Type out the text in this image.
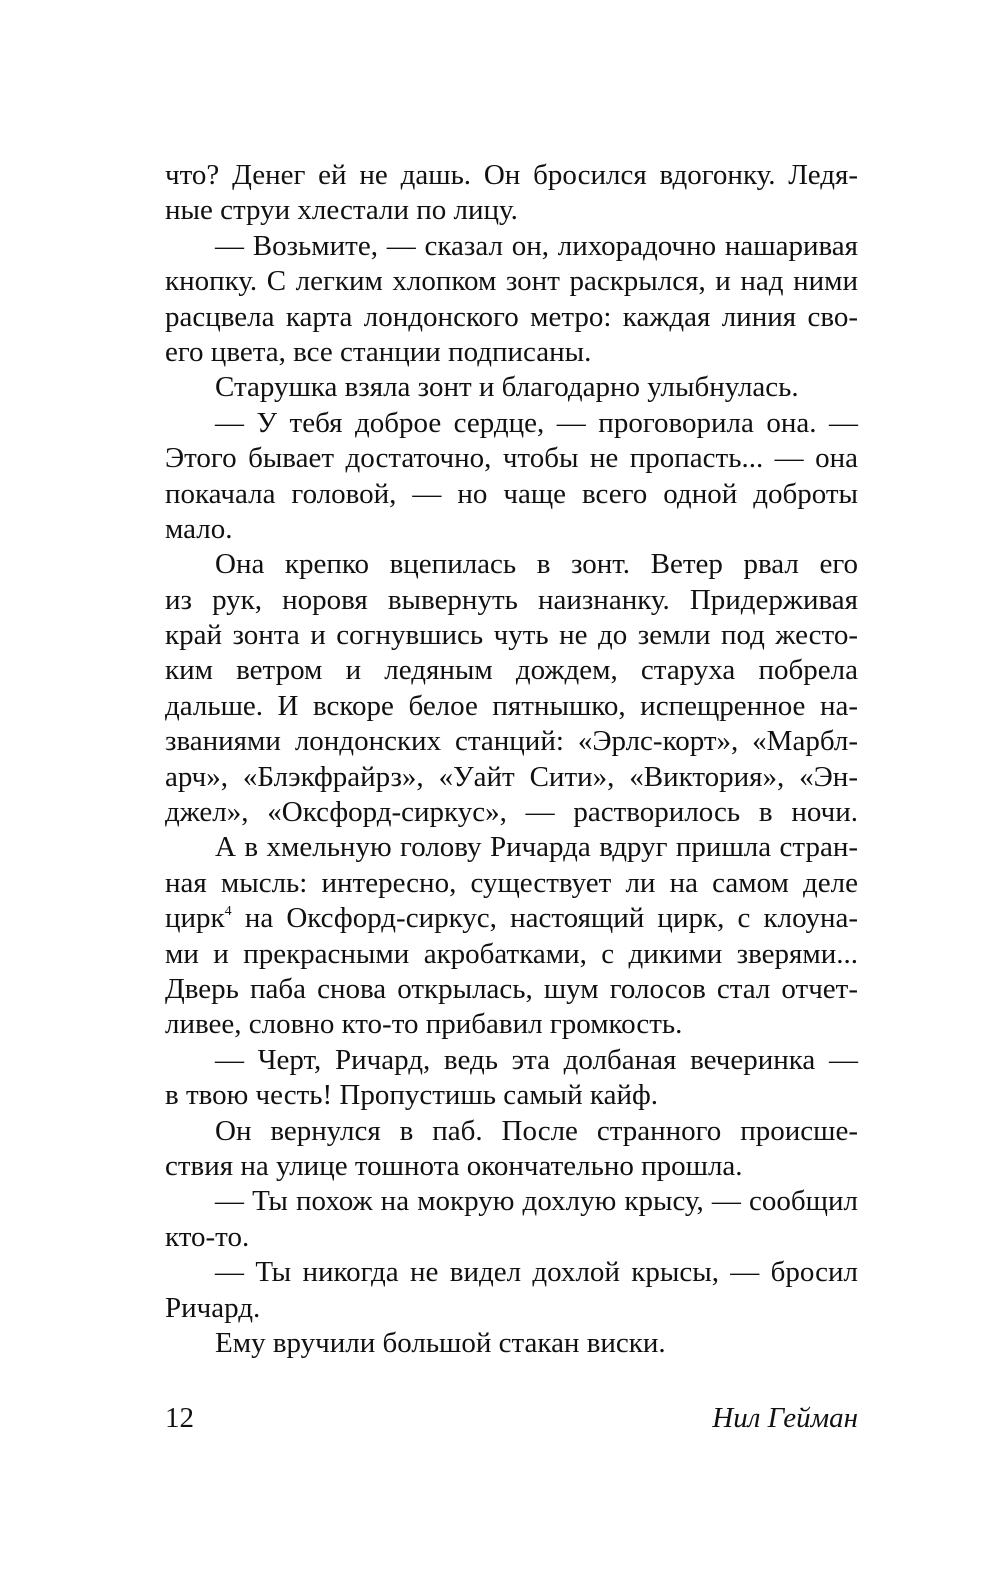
что? Денег ей не дашь. Он бросился вдогонку. Ледя-
ные струи хлестали по лицу.
— Возьмите, — сказал он, лихорадочно нашаривая
кнопку. С легким хлопком зонт раскрылся, и над ними
расцвела карта лондонского метро: каждая линия сво-
его цвета, все станции подписаны.
Старушка взяла зонт и благодарно улыбнулась.
— У тебя доброе сердце, — проговорила она. —
Этого бывает достаточно, чтобы не пропасть... — она
покачала головой, — но чаще всего одной доброты
мало.
Она крепко вцепилась в зонт. Ветер рвал его
из рук, норовя вывернуть наизнанку. Придерживая
край зонта и согнувшись чуть не до земли под жесто-
ким ветром и ледяным дождем, старуха побрела
дальше. И вскоре белое пятнышко, испещренное на-
званиями лондонских станций: «Эрлс-корт», «Марбл-
арч», «Блэкфрайрз», «Уайт Сити», «Виктория», «Эн-
джел», «Оксфорд-сиркус», — растворилось в ночи.
А в хмельную голову Ричарда вдруг пришла стран-
ная мысль: интересно, существует ли на самом деле
цирк$^4$ на Оксфорд-сиркус, настоящий цирк, с клоуна-
ми и прекрасными акробатками, с дикими зверями...
Дверь паба снова открылась, шум голосов стал отчет-
ливее, словно кто-то прибавил громкость.
— Черт, Ричард, ведь эта долбаная вечеринка —
в твою честь! Пропустишь самый кайф.
Он вернулся в паб. После странного происше-
ствия на улице тошнота окончательно прошла.
— Ты похож на мокрую дохлую крысу, — сообщил
кто-то.
— Ты никогда не видел дохлой крысы, — бросил
Ричард.
Ему вручили большой стакан виски.
12	Нил Гейман
